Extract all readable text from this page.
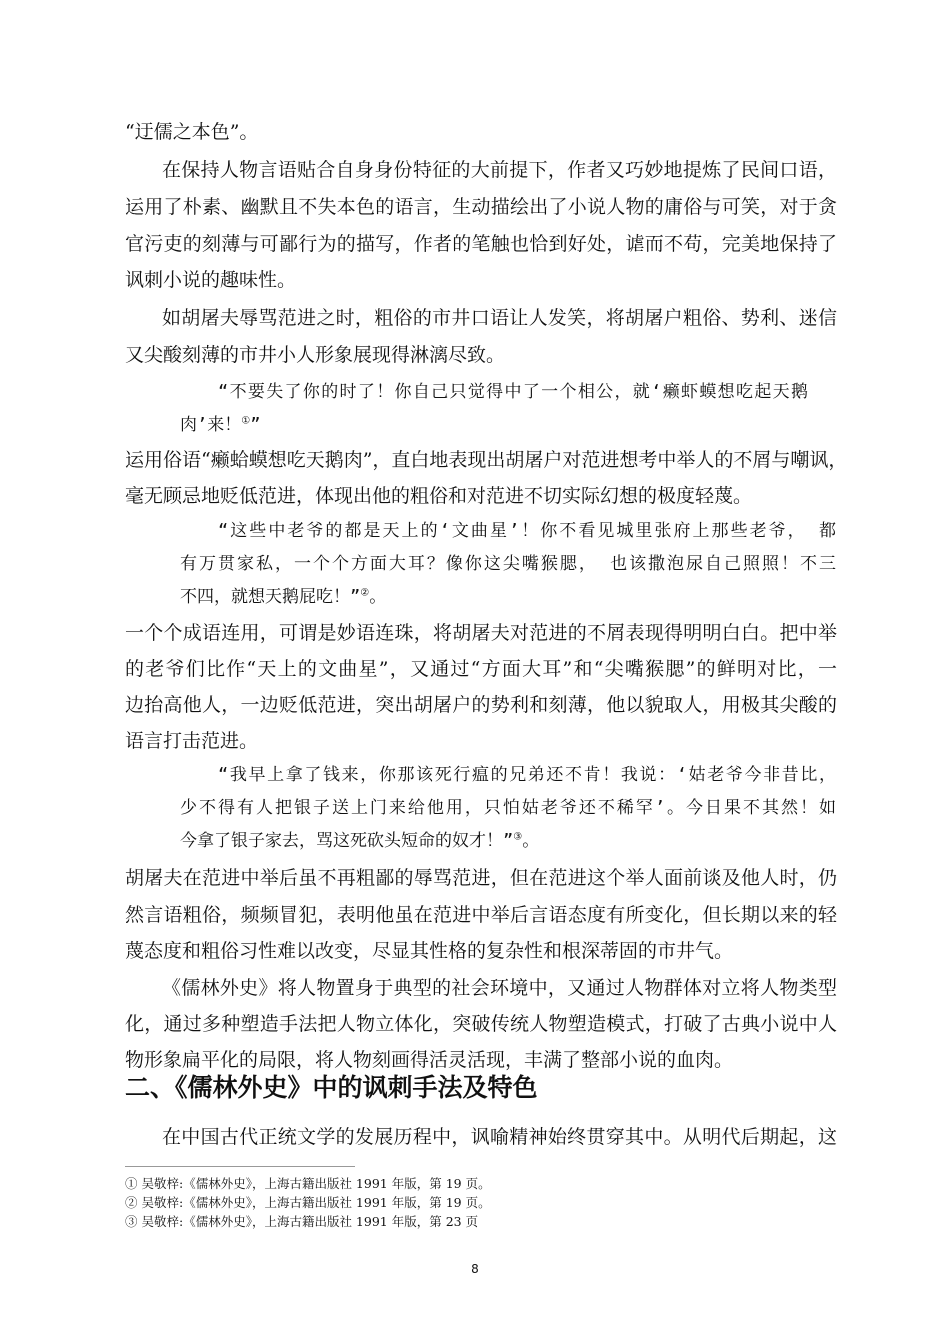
“迂儒之本色”。
在保持人物言语贴合自身身份特征的大前提下，作者又巧妙地提炼了民间口语，
运用了朴素、幽默且不失本色的语言，生动描绘出了小说人物的庸俗与可笑，对于贪
官污吏的刻薄与可鄙行为的描写，作者的笔触也恰到好处，谑而不苟，完美地保持了
讽刺小说的趣味性。
如胡屠夫辱骂范进之时，粗俗的市井口语让人发笑，将胡屠户粗俗、势利、迷信
又尖酸刻薄的市井小人形象展现得淋漓尽致。
“不要失了你的时了！你自己只觉得中了一个相公，就‘癞虾蟆想吃起天鹅
肉’来！①”
运用俗语“癞蛤蟆想吃天鹅肉”，直白地表现出胡屠户对范进想考中举人的不屑与嘲讽，
毫无顾忌地贬低范进，体现出他的粗俗和对范进不切实际幻想的极度轻蔑。
“这些中老爷的都是天上的‘文曲星’！你不看见城里张府上那些老爷， 都
有万贯家私，一个个方面大耳？像你这尖嘴猴腮， 也该撒泡尿自己照照！不三
不四，就想天鹅屁吃！”②。
一个个成语连用，可谓是妙语连珠，将胡屠夫对范进的不屑表现得明明白白。把中举
的老爷们比作“天上的文曲星”，又通过“方面大耳”和“尖嘴猴腮”的鲜明对比，一
边抬高他人，一边贬低范进，突出胡屠户的势利和刻薄，他以貌取人，用极其尖酸的
语言打击范进。
“我早上拿了钱来，你那该死行瘟的兄弟还不肯！我说：‘姑老爷今非昔比，
少不得有人把银子送上门来给他用，只怕姑老爷还不稀罕’。今日果不其然！如
今拿了银子家去，骂这死砍头短命的奴才！”③。
胡屠夫在范进中举后虽不再粗鄙的辱骂范进，但在范进这个举人面前谈及他人时，仍
然言语粗俗，频频冒犯，表明他虽在范进中举后言语态度有所变化，但长期以来的轻
蔑态度和粗俗习性难以改变，尽显其性格的复杂性和根深蒂固的市井气。
《儒林外史》将人物置身于典型的社会环境中，又通过人物群体对立将人物类型
化，通过多种塑造手法把人物立体化，突破传统人物塑造模式，打破了古典小说中人
物形象扁平化的局限，将人物刻画得活灵活现，丰满了整部小说的血肉。
二、《儒林外史》中的讽刺手法及特色
在中国古代正统文学的发展历程中，讽喻精神始终贯穿其中。从明代后期起，这
① 吴敬梓:《儒林外史》，上海古籍出版社 1991 年版，第 19 页。
② 吴敬梓:《儒林外史》，上海古籍出版社 1991 年版，第 19 页。
③ 吴敬梓:《儒林外史》，上海古籍出版社 1991 年版，第 23 页
8
